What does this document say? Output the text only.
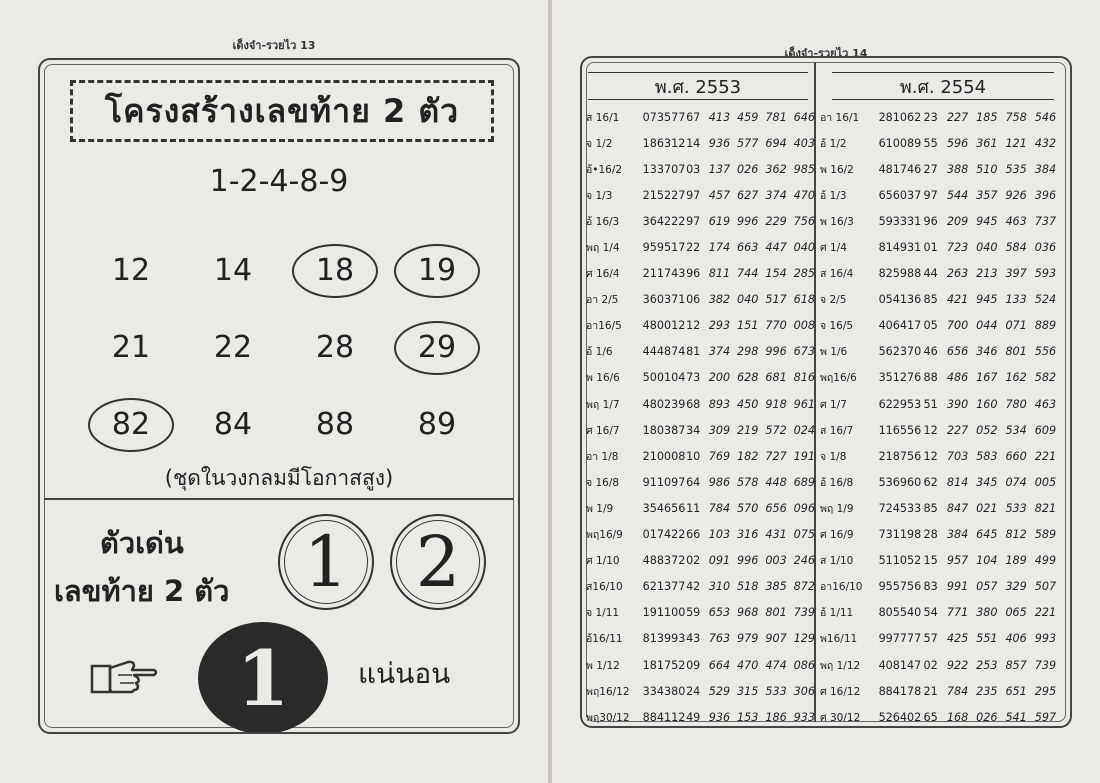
เด็งจ๋า-รวยไว 13
โครงสร้างเลขท้าย 2 ตัว
1-2-4-8-9
12	14	18	19
21	22	28	29
82	84	88	89
(ชุดในวงกลมมีโอกาสสูง)
ตัวเด่น
เลขท้าย 2 ตัว 1 2
1 แน่นอน
เด็งจ๋า-รวยไว 14
พ.ศ. 2553	พ.ศ. 2554
ส 16/1	073577 67 413 459 781 646
จ 1/2	186312 14 936 577 694 403
อ้•16/2	133707 03 137 026 362 985
จ 1/3	215227 97 457 627 374 470
อ้ 16/3	364222 97 619 996 229 756
พฤ 1/4	959517 22 174 663 447 040
ศ 16/4	211743 96 811 744 154 285
อา 2/5	360371 06 382 040 517 618
อา16/5	480012 12 293 151 770 008
อ้ 1/6	444874 81 374 298 996 673
พ 16/6	500104 73 200 628 681 816
พฤ 1/7	480239 68 893 450 918 961
ศ 16/7	180387 34 309 219 572 024
อา 1/8	210008 10 769 182 727 191
จ 16/8	911097 64 986 578 448 689
พ 1/9	354656 11 784 570 656 096
พฤ16/9	017422 66 103 316 431 075
ศ 1/10	488372 02 091 996 003 246
ส16/10	621377 42 310 518 385 872
จ 1/11	191100 59 653 968 801 739
อ้16/11	813993 43 763 979 907 129
พ 1/12	181752 09 664 470 474 086
พฤ16/12	334380 24 529 315 533 306
พฤ30/12	884112 49 936 153 186 933
อา 16/1	281062 23 227 185 758 546
อ้ 1/2	610089 55 596 361 121 432
พ 16/2	481746 27 388 510 535 384
อ้ 1/3	656037 97 544 357 926 396
พ 16/3	593331 96 209 945 463 737
ศ 1/4	814931 01 723 040 584 036
ส 16/4	825988 44 263 213 397 593
จ 2/5	054136 85 421 945 133 524
จ 16/5	406417 05 700 044 071 889
พ 1/6	562370 46 656 346 801 556
พฤ16/6	351276 88 486 167 162 582
ศ 1/7	622953 51 390 160 780 463
ส 16/7	116556 12 227 052 534 609
จ 1/8	218756 12 703 583 660 221
อ้ 16/8	536960 62 814 345 074 005
พฤ 1/9	724533 85 847 021 533 821
ศ 16/9	731198 28 384 645 812 589
ส 1/10	511052 15 957 104 189 499
อา16/10	955756 83 991 057 329 507
อ้ 1/11	805540 54 771 380 065 221
พ16/11	997777 57 425 551 406 993
พฤ 1/12	408147 02 922 253 857 739
ศ 16/12	884178 21 784 235 651 295
ศ 30/12	526402 65 168 026 541 597
